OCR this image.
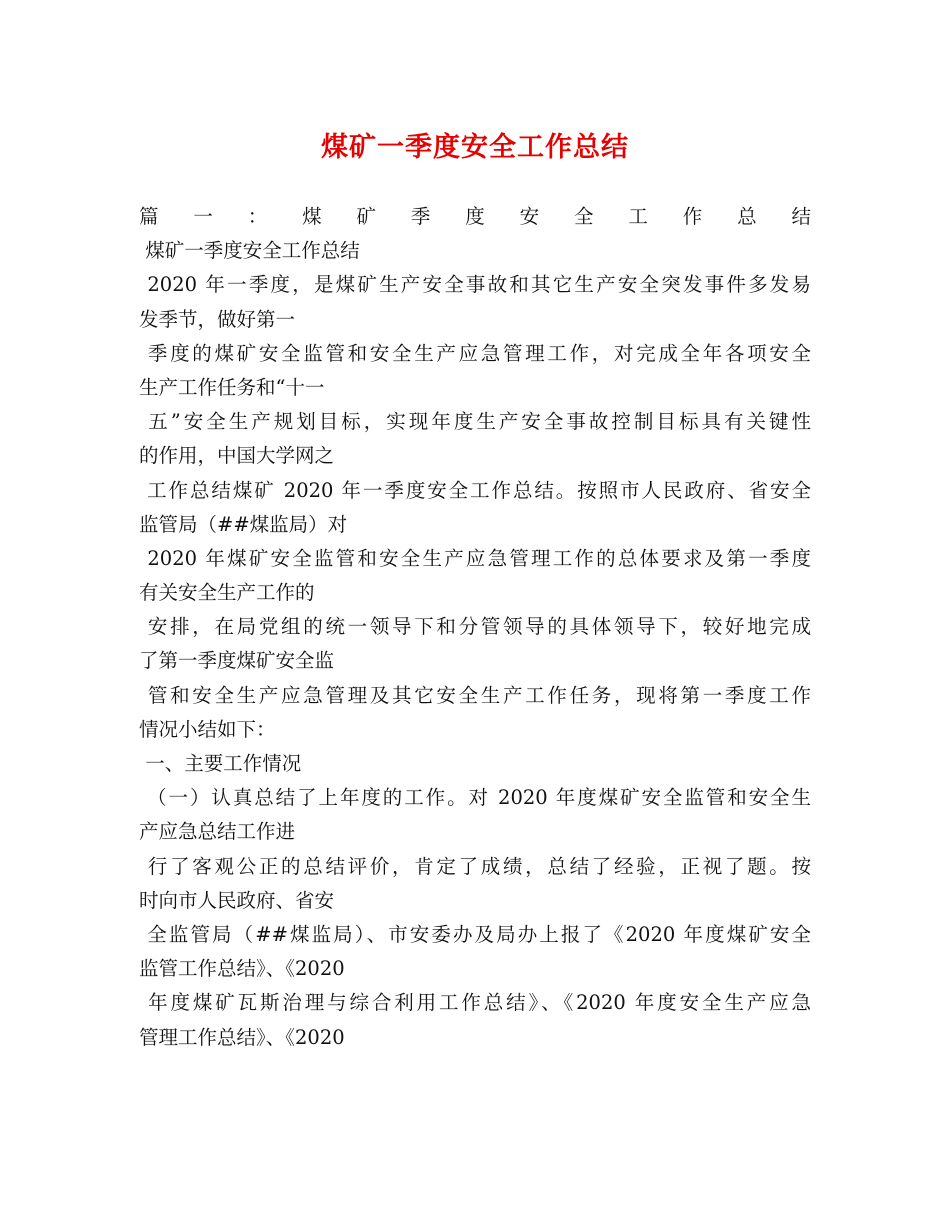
煤矿一季度安全工作总结
篇一：煤矿季度安全工作总结
煤矿一季度安全工作总结
2020 年一季度，是煤矿生产安全事故和其它生产安全突发事件多发易
发季节，做好第一
季度的煤矿安全监管和安全生产应急管理工作，对完成全年各项安全
生产工作任务和“十一
五”安全生产规划目标，实现年度生产安全事故控制目标具有关键性
的作用，中国大学网之
工作总结煤矿 2020 年一季度安全工作总结。按照市人民政府、省安全
监管局（##煤监局）对
2020 年煤矿安全监管和安全生产应急管理工作的总体要求及第一季度
有关安全生产工作的
安排，在局党组的统一领导下和分管领导的具体领导下，较好地完成
了第一季度煤矿安全监
管和安全生产应急管理及其它安全生产工作任务，现将第一季度工作
情况小结如下：
一、主要工作情况
（一）认真总结了上年度的工作。对 2020 年度煤矿安全监管和安全生
产应急总结工作进
行了客观公正的总结评价，肯定了成绩，总结了经验，正视了题。按
时向市人民政府、省安
全监管局（##煤监局）、市安委办及局办上报了《2020 年度煤矿安全
监管工作总结》、《2020
年度煤矿瓦斯治理与综合利用工作总结》、《2020 年度安全生产应急
管理工作总结》、《2020
